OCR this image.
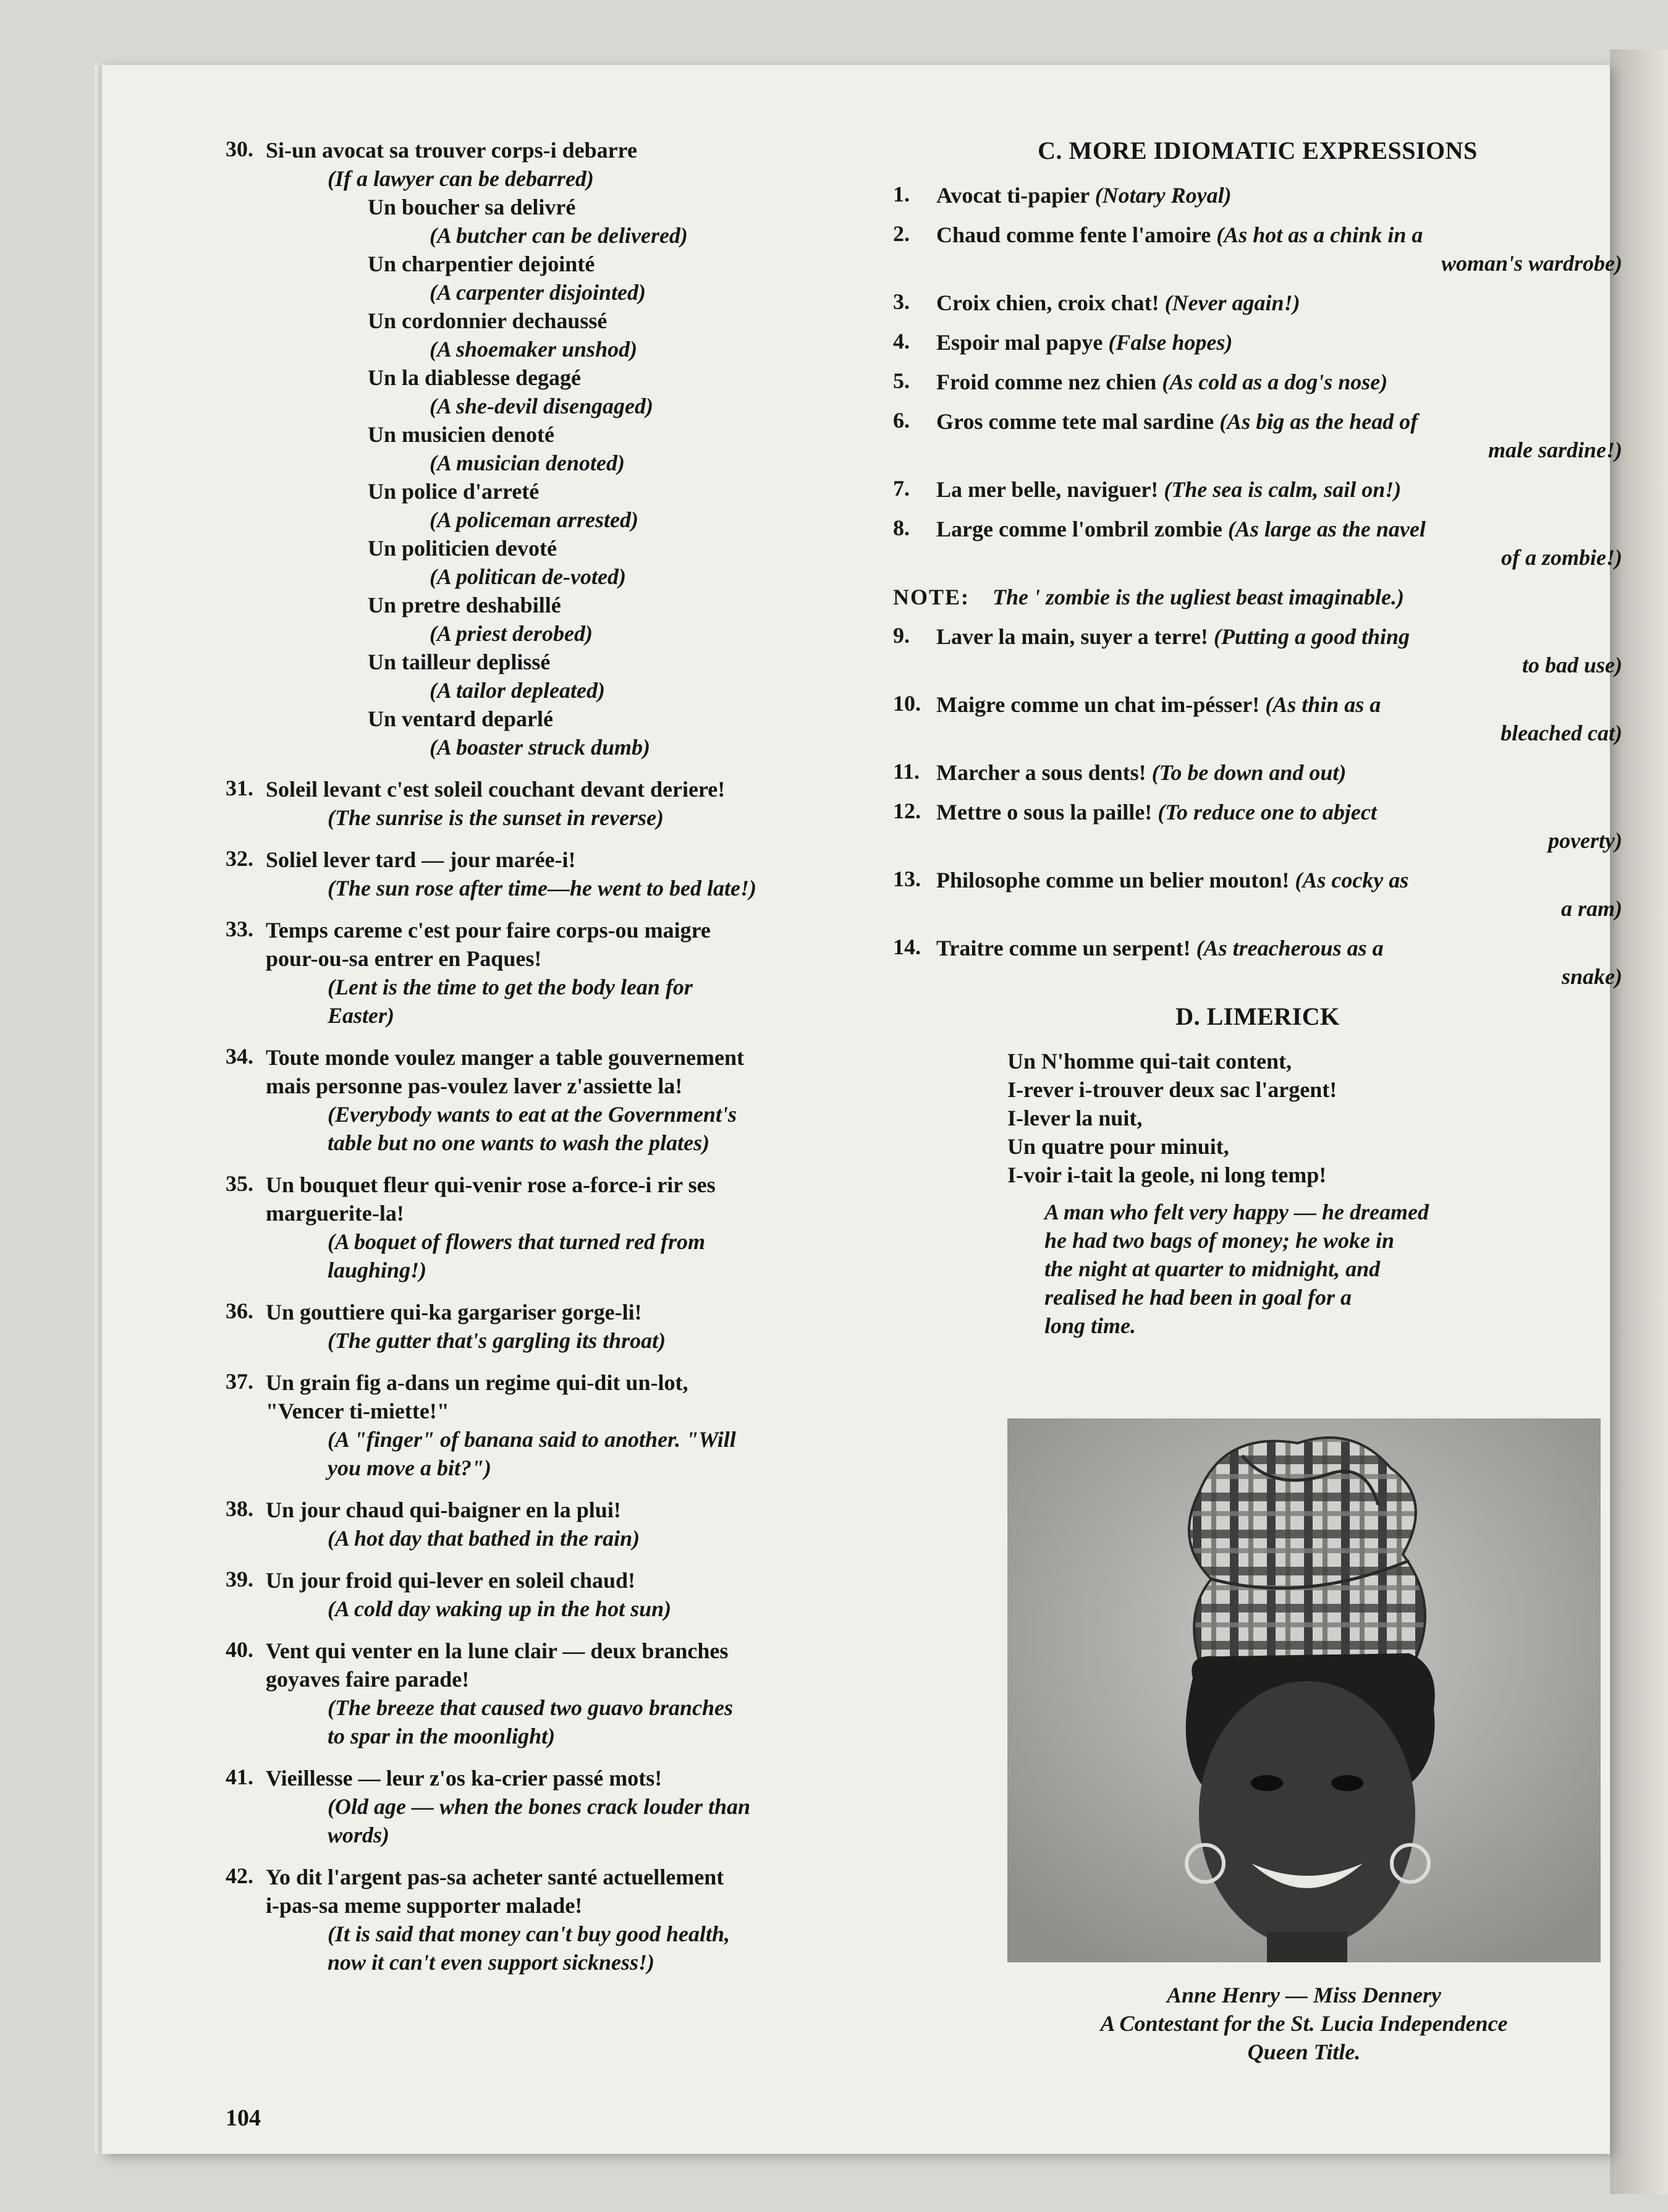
30. Si-un avocat sa trouver corps-i debarre
(If a lawyer can be debarred)
Un boucher sa delivré
(A butcher can be delivered)
Un charpentier dejointé
(A carpenter disjointed)
Un cordonnier dechaussé
(A shoemaker unshod)
Un la diablesse degagé
(A she-devil disengaged)
Un musicien denoté
(A musician denoted)
Un police d'arreté
(A policeman arrested)
Un politicien devoté
(A politican de-voted)
Un pretre deshabillé
(A priest derobed)
Un tailleur deplissé
(A tailor depleated)
Un ventard deparlé
(A boaster struck dumb)
31. Soleil levant c'est soleil couchant devant deriere!
(The sunrise is the sunset in reverse)
32. Soliel lever tard — jour marée-i!
(The sun rose after time—he went to bed late!)
33. Temps careme c'est pour faire corps-ou maigre
pour-ou-sa entrer en Paques!
(Lent is the time to get the body lean for
Easter)
34. Toute monde voulez manger a table gouvernement
mais personne pas-voulez laver z'assiette la!
(Everybody wants to eat at the Government's
table but no one wants to wash the plates)
35. Un bouquet fleur qui-venir rose a-force-i rir ses
marguerite-la!
(A boquet of flowers that turned red from
laughing!)
36. Un gouttiere qui-ka gargariser gorge-li!
(The gutter that's gargling its throat)
37. Un grain fig a-dans un regime qui-dit un-lot,
"Vencer ti-miette!"
(A "finger" of banana said to another. "Will
you move a bit?")
38. Un jour chaud qui-baigner en la plui!
(A hot day that bathed in the rain)
39. Un jour froid qui-lever en soleil chaud!
(A cold day waking up in the hot sun)
40. Vent qui venter en la lune clair — deux branches
goyaves faire parade!
(The breeze that caused two guavo branches
to spar in the moonlight)
41. Vieillesse — leur z'os ka-crier passé mots!
(Old age — when the bones crack louder than
words)
42. Yo dit l'argent pas-sa acheter santé actuellement
i-pas-sa meme supporter malade!
(It is said that money can't buy good health,
now it can't even support sickness!)
C. MORE IDIOMATIC EXPRESSIONS
1. Avocat ti-papier (Notary Royal)
2. Chaud comme fente l'amoire (As hot as a chink in a
woman's wardrobe)
3. Croix chien, croix chat! (Never again!)
4. Espoir mal papye (False hopes)
5. Froid comme nez chien (As cold as a dog's nose)
6. Gros comme tete mal sardine (As big as the head of
male sardine!)
7. La mer belle, naviguer! (The sea is calm, sail on!)
8. Large comme l'ombril zombie (As large as the navel
of a zombie!)
NOTE: The ' zombie is the ugliest beast imaginable.)
9. Laver la main, suyer a terre! (Putting a good thing
to bad use)
10. Maigre comme un chat im-pésser! (As thin as a
bleached cat)
11. Marcher a sous dents! (To be down and out)
12. Mettre o sous la paille! (To reduce one to abject
poverty)
13. Philosophe comme un belier mouton! (As cocky as
a ram)
14. Traitre comme un serpent! (As treacherous as a
snake)
D. LIMERICK
Un N'homme qui-tait content,
I-rever i-trouver deux sac l'argent!
I-lever la nuit,
Un quatre pour minuit,
I-voir i-tait la geole, ni long temp!
A man who felt very happy — he dreamed
he had two bags of money; he woke in
the night at quarter to midnight, and
realised he had been in goal for a
long time.
Anne Henry — Miss Dennery
A Contestant for the St. Lucia Independence
Queen Title.
104
